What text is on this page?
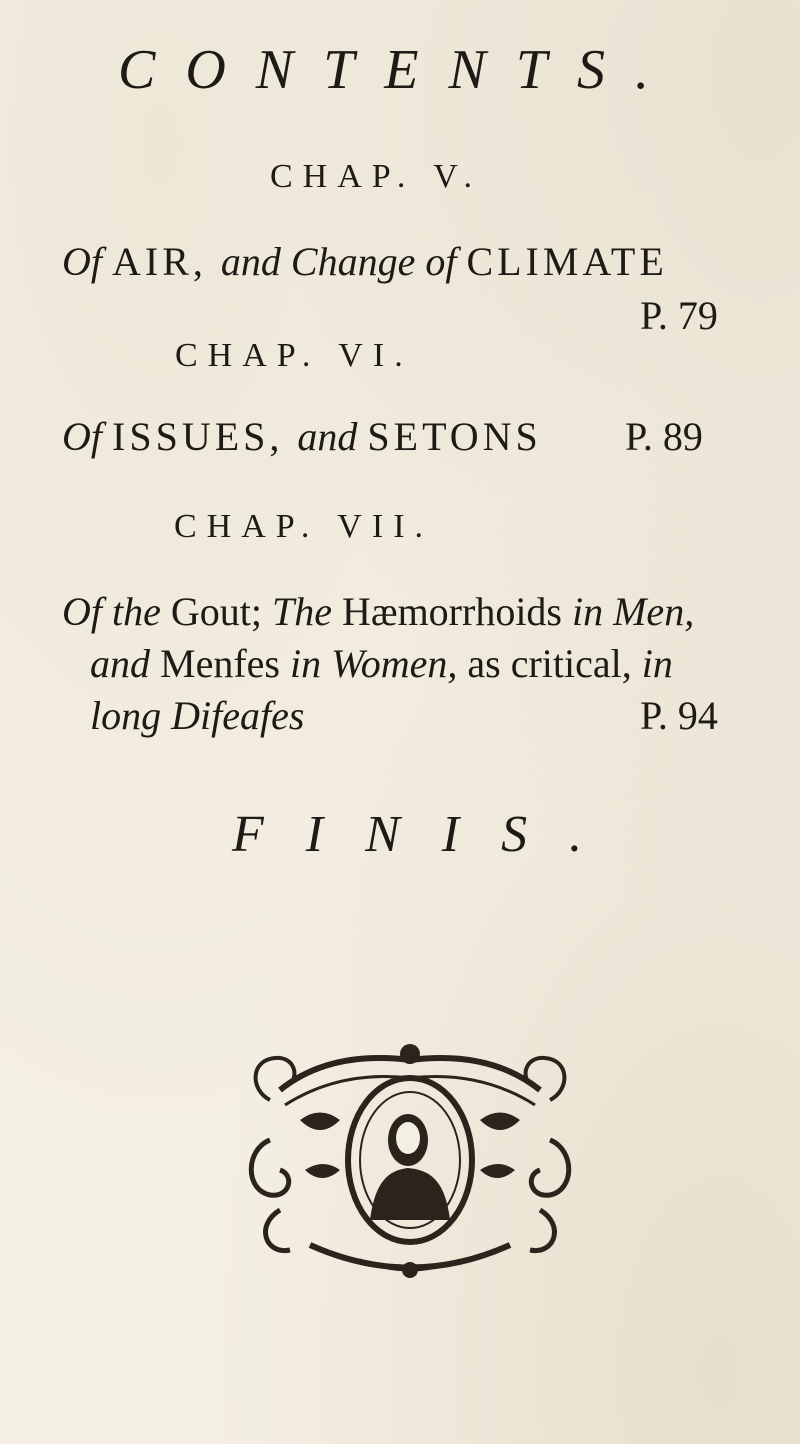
CONTENTS.
CHAP. V.
Of AIR, and Change of CLIMATE
P. 79
CHAP. VI.
Of ISSUES, and SETONS P. 89
CHAP. VII.
Of the Gout; The Hæmorrhoids in Men,
and Menfes in Women, as critical, in
long Difeafes	P. 94
FINIS.
